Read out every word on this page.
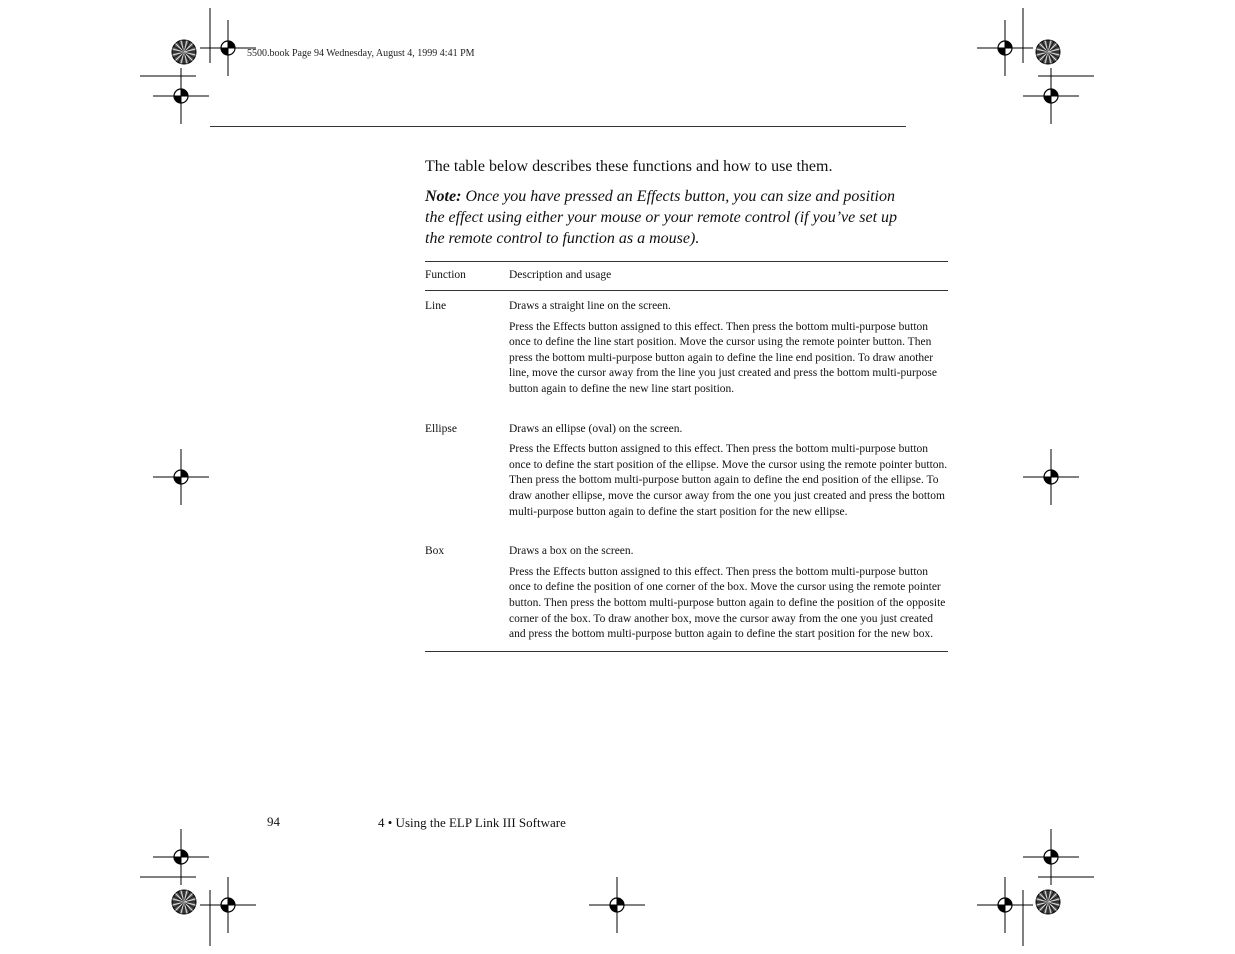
5500.book Page 94 Wednesday, August 4, 1999 4:41 PM
The table below describes these functions and how to use them.
Note: Once you have pressed an Effects button, you can size and position the effect using either your mouse or your remote control (if you’ve set up the remote control to function as a mouse).
Function	Description and usage
Line	Draws a straight line on the screen.

Press the Effects button assigned to this effect. Then press the bottom multi-purpose button once to define the line start position. Move the cursor using the remote pointer button. Then press the bottom multi-purpose button again to define the line end position. To draw another line, move the cursor away from the line you just created and press the bottom multi-purpose button again to define the new line start position.

Ellipse	Draws an ellipse (oval) on the screen.

Press the Effects button assigned to this effect. Then press the bottom multi-purpose button once to define the start position of the ellipse. Move the cursor using the remote pointer button. Then press the bottom multi-purpose button again to define the end position of the ellipse. To draw another ellipse, move the cursor away from the one you just created and press the bottom multi-purpose button again to define the start position for the new ellipse.

Box	Draws a box on the screen.

Press the Effects button assigned to this effect. Then press the bottom multi-purpose button once to define the position of one corner of the box. Move the cursor using the remote pointer button. Then press the bottom multi-purpose button again to define the position of the opposite corner of the box. To draw another box, move the cursor away from the one you just created and press the bottom multi-purpose button again to define the start position for the new box.

94	4 • Using the ELP Link III Software
